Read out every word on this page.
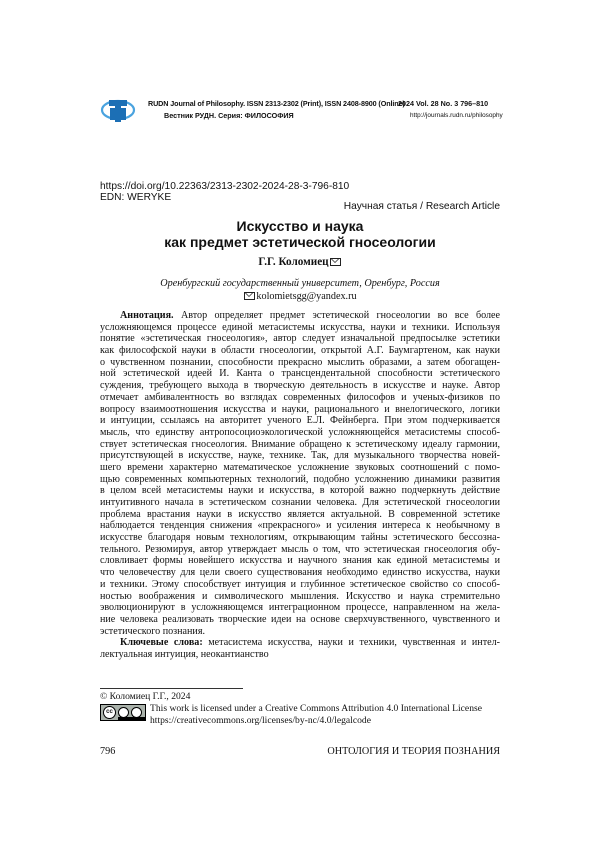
RUDN Journal of Philosophy. ISSN 2313-2302 (Print), ISSN 2408-8900 (Online)
Вестник РУДН. Серия: ФИЛОСОФИЯ
2024 Vol. 28 No. 3 796–810
http://journals.rudn.ru/philosophy
https://doi.org/10.22363/2313-2302-2024-28-3-796-810
EDN: WERYKE
Научная статья / Research Article
Искусство и наука
как предмет эстетической гносеологии
Г.Г. Коломиец
Оренбургский государственный университет, Оренбург, Россия
kolomietsgg@yandex.ru
Аннотация. Автор определяет предмет эстетической гносеологии во все более
усложняющемся процессе единой метасистемы искусства, науки и техники. Используя
понятие «эстетическая гносеология», автор следует изначальной предпосылке эстетики
как философской науки в области гносеологии, открытой А.Г. Баумгартеном, как науки
о чувственном познании, способности прекрасно мыслить образами, а затем обогащен-
ной эстетической идеей И. Канта о трансцендентальной способности эстетического
суждения, требующего выхода в творческую деятельность в искусстве и науке. Автор
отмечает амбивалентность во взглядах современных философов и ученых-физиков по
вопросу взаимоотношения искусства и науки, рационального и внелогического, логики
и интуиции, ссылаясь на авторитет ученого Е.Л. Фейнберга. При этом подчеркивается
мысль, что единству антропосоциоэкологической усложняющейся метасистемы способ-
ствует эстетическая гносеология. Внимание обращено к эстетическому идеалу гармонии,
присутствующей в искусстве, науке, технике. Так, для музыкального творчества новей-
шего времени характерно математическое усложнение звуковых соотношений с помо-
щью современных компьютерных технологий, подобно усложнению динамики развития
в целом всей метасистемы науки и искусства, в которой важно подчеркнуть действие
интуитивного начала в эстетическом сознании человека. Для эстетической гносеологии
проблема врастания науки в искусство является актуальной. В современной эстетике
наблюдается тенденция снижения «прекрасного» и усиления интереса к необычному в
искусстве благодаря новым технологиям, открывающим тайны эстетического бессозна-
тельного. Резюмируя, автор утверждает мысль о том, что эстетическая гносеология обу-
словливает формы новейшего искусства и научного знания как единой метасистемы и
что человечеству для цели своего существования необходимо единство искусства, науки
и техники. Этому способствует интуиция и глубинное эстетическое свойство со способ-
ностью воображения и символического мышления. Искусство и наука стремительно
эволюционируют в усложняющемся интеграционном процессе, направленном на жела-
ние человека реализовать творческие идеи на основе сверхчувственного, чувственного и
эстетического познания.
Ключевые слова: метасистема искусства, науки и техники, чувственная и интел-
лектуальная интуиция, неокантианство
© Коломиец Г.Г., 2024
cc	This work is licensed under a Creative Commons Attribution 4.0 International License
https://creativecommons.org/licenses/by-nc/4.0/legalcode
796	ОНТОЛОГИЯ И ТЕОРИЯ ПОЗНАНИЯ
